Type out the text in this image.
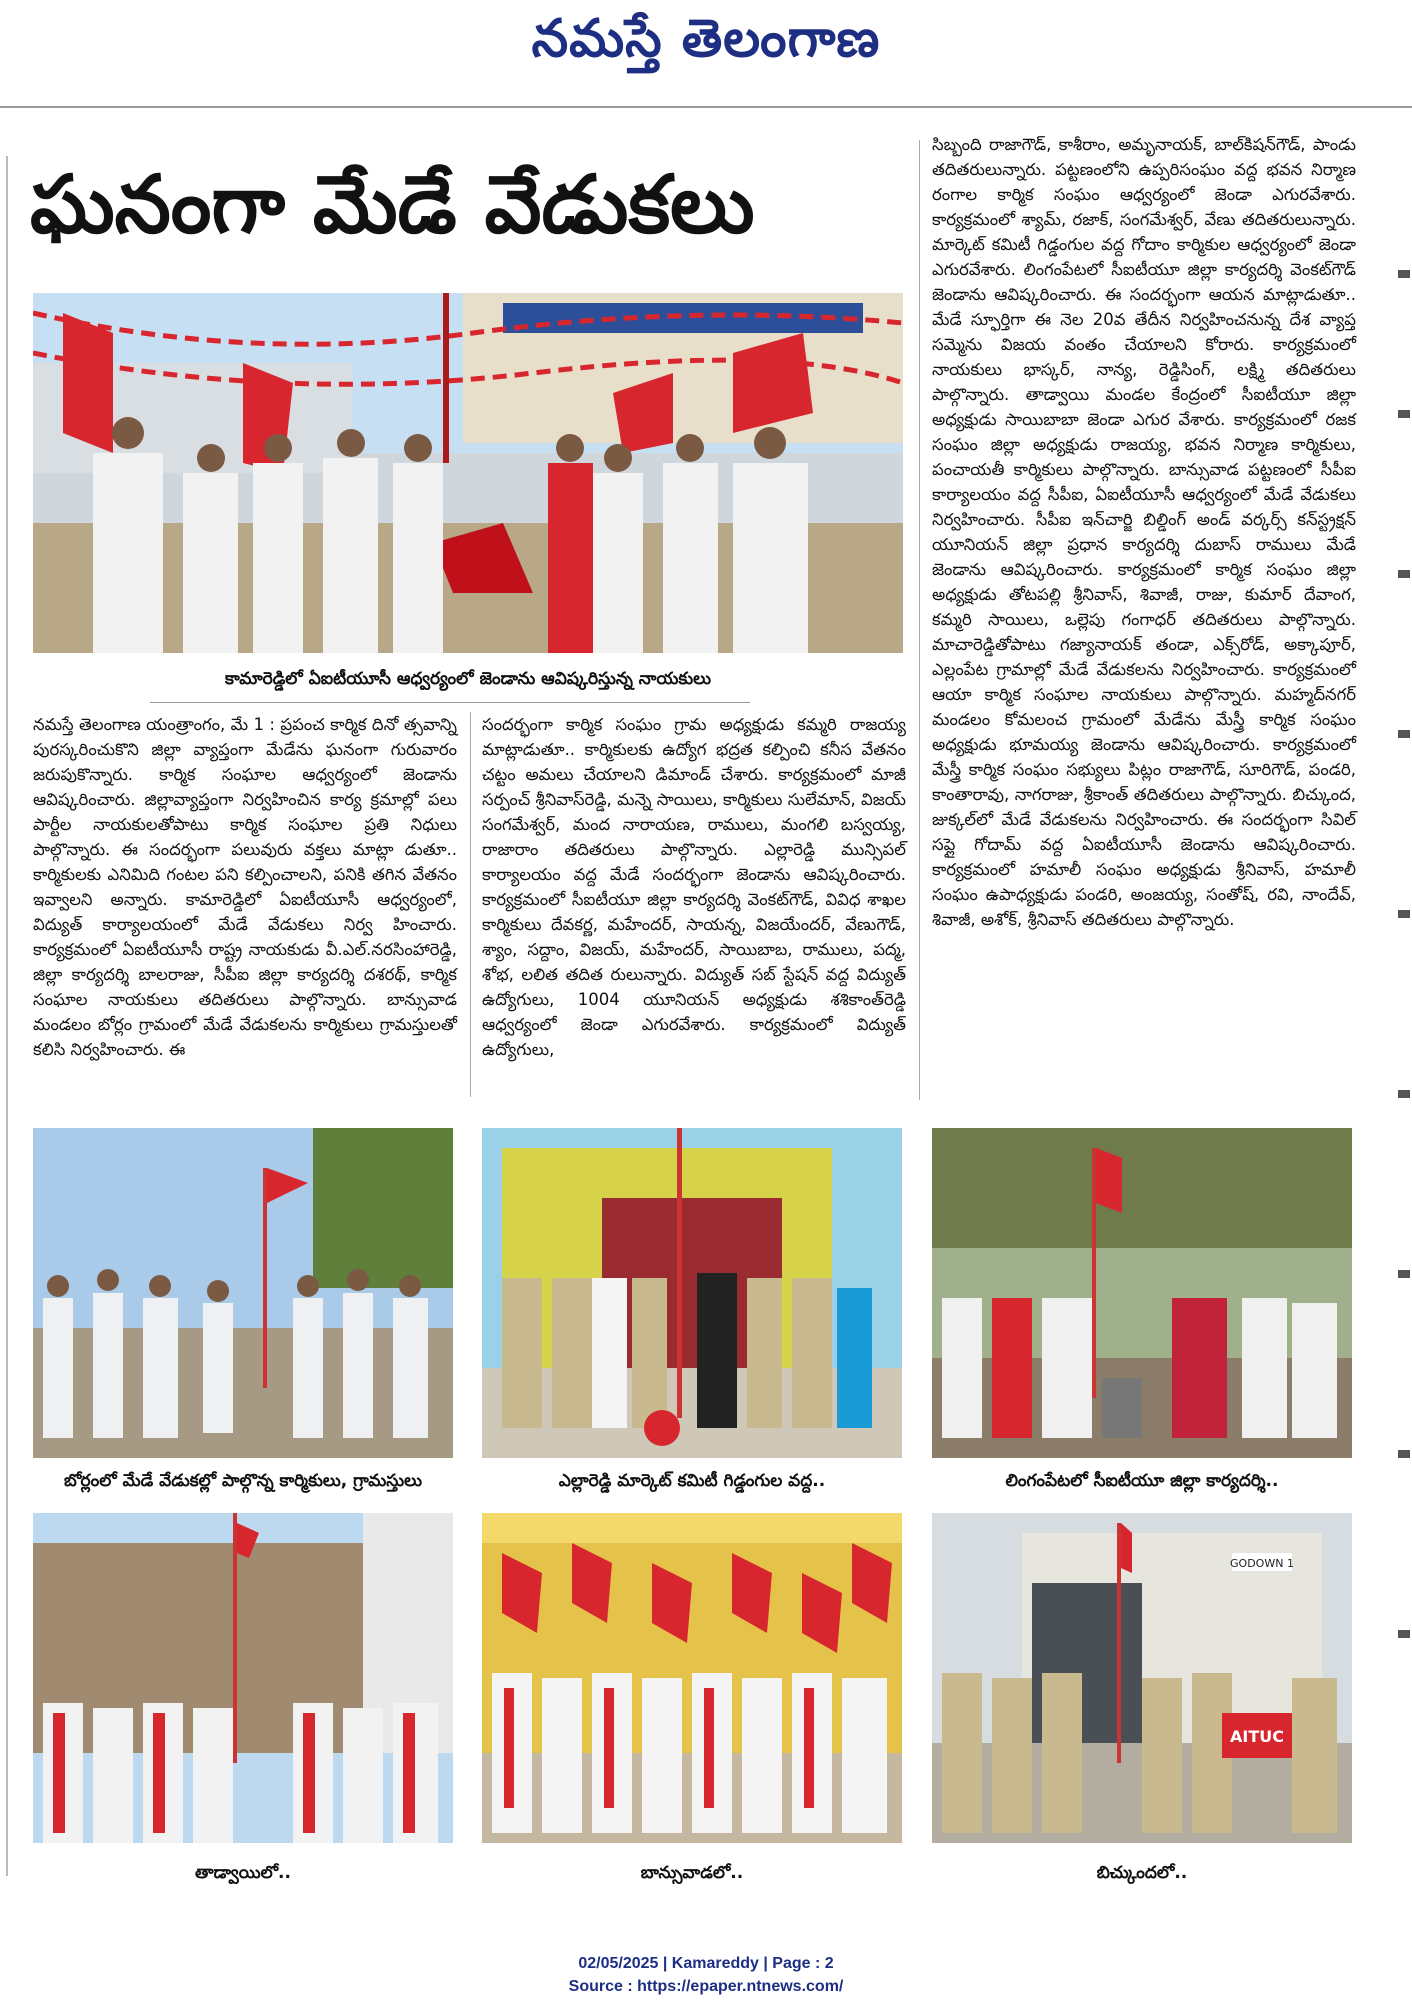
నమస్తే తెలంగాణ
ఘనంగా మేడే వేడుకలు
కామారెడ్డిలో ఏఐటీయూసీ ఆధ్వర్యంలో జెండాను ఆవిష్కరిస్తున్న నాయకులు

నమస్తే తెలంగాణ యంత్రాంగం, మే 1 : ప్రపంచ కార్మిక దినో త్సవాన్ని పురస్కరించుకొని జిల్లా వ్యాప్తంగా మేడేను ఘనంగా గురువారం జరుపుకొన్నారు. కార్మిక సంఘాల ఆధ్వర్యంలో జెండాను ఆవిష్కరించారు. జిల్లావ్యాప్తంగా నిర్వహించిన కార్య క్రమాల్లో పలు పార్టీల నాయకులతోపాటు కార్మిక సంఘాల ప్రతి నిధులు పాల్గొన్నారు. ఈ సందర్భంగా పలువురు వక్తలు మాట్లా డుతూ.. కార్మికులకు ఎనిమిది గంటల పని కల్పించాలని, పనికి తగిన వేతనం ఇవ్వాలని అన్నారు. కామారెడ్డిలో ఏఐటీయూసీ ఆధ్వర్యంలో, విద్యుత్ కార్యాలయంలో మేడే వేడుకలు నిర్వ హించారు. కార్యక్రమంలో ఏఐటీయూసీ రాష్ట్ర నాయకుడు వీ.ఎల్.నరసింహారెడ్డి, జిల్లా కార్యదర్శి బాలరాజు, సీపీఐ జిల్లా కార్యదర్శి దశరథ్, కార్మిక సంఘాల నాయకులు తదితరులు పాల్గొన్నారు. బాన్సువాడ మండలం బోర్లం గ్రామంలో మేడే వేడుకలను కార్మికులు గ్రామస్తులతో కలిసి నిర్వహించారు. ఈ

సందర్భంగా కార్మిక సంఘం గ్రామ అధ్యక్షుడు కమ్మరి రాజయ్య మాట్లాడుతూ.. కార్మికులకు ఉద్యోగ భద్రత కల్పించి కనీస వేతనం చట్టం అమలు చేయాలని డిమాండ్ చేశారు. కార్యక్రమంలో మాజీ సర్పంచ్ శ్రీనివాస్‌రెడ్డి, మన్నె సాయిలు, కార్మికులు సులేమాన్, విజయ్ సంగమేశ్వర్, మంద నారాయణ, రాములు, మంగలి బస్వయ్య, రాజారాం తదితరులు పాల్గొన్నారు. ఎల్లారెడ్డి మున్సిపల్ కార్యాలయం వద్ద మేడే సందర్భంగా జెండాను ఆవిష్కరించారు. కార్యక్రమంలో సీఐటీయూ జిల్లా కార్యదర్శి వెంకట్‌గౌడ్, వివిధ శాఖల కార్మికులు దేవకర్ణ, మహేందర్, సాయన్న, విజయేందర్, వేణుగౌడ్, శ్యాం, సద్దాం, విజయ్, మహేందర్, సాయిబాబ, రాములు, పద్మ, శోభ, లలిత తదిత రులున్నారు. విద్యుత్ సబ్ స్టేషన్ వద్ద విద్యుత్ ఉద్యోగులు, 1004 యూనియన్ అధ్యక్షుడు శశికాంత్‌రెడ్డి ఆధ్వర్యంలో జెండా ఎగురవేశారు. కార్యక్రమంలో విద్యుత్ ఉద్యోగులు,

సిబ్బంది రాజాగౌడ్, కాశీరాం, అమృనాయక్, బాల్‌కిషన్‌గౌడ్, పాండు తదితరులున్నారు. పట్టణంలోని ఉప్పరిసంఘం వద్ద భవన నిర్మాణ రంగాల కార్మిక సంఘం ఆధ్వర్యంలో జెండా ఎగురవేశారు. కార్యక్రమంలో శ్యామ్, రజాక్, సంగమేశ్వర్, వేణు తదితరులున్నారు. మార్కెట్ కమిటీ గిడ్డంగుల వద్ద గోదాం కార్మికుల ఆధ్వర్యంలో జెండా ఎగురవేశారు. లింగంపేటలో సీఐటీయూ జిల్లా కార్యదర్శి వెంకట్‌గౌడ్ జెండాను ఆవిష్కరించారు. ఈ సందర్భంగా ఆయన మాట్లాడుతూ.. మేడే స్ఫూర్తిగా ఈ నెల 20వ తేదీన నిర్వహించనున్న దేశ వ్యాప్త సమ్మెను విజయ వంతం చేయాలని కోరారు. కార్యక్రమంలో నాయకులు భాస్కర్, నాన్య, రెడ్డిసింగ్, లక్ష్మి తదితరులు పాల్గొన్నారు. తాడ్వాయి మండల కేంద్రంలో సీఐటీయూ జిల్లా అధ్యక్షుడు సాయిబాబా జెండా ఎగుర వేశారు. కార్యక్రమంలో రజక సంఘం జిల్లా అధ్యక్షుడు రాజయ్య, భవన నిర్మాణ కార్మికులు, పంచాయతీ కార్మికులు పాల్గొన్నారు. బాన్సువాడ పట్టణంలో సీపీఐ కార్యాలయం వద్ద సీపీఐ, ఏఐటీయూసీ ఆధ్వర్యంలో మేడే వేడుకలు నిర్వహించారు. సీపీఐ ఇన్‌చార్జి బిల్డింగ్ అండ్ వర్కర్స్ కన్‌స్ట్రక్షన్ యూనియన్ జిల్లా ప్రధాన కార్యదర్శి దుబాస్ రాములు మేడే జెండాను ఆవిష్కరించారు. కార్యక్రమంలో కార్మిక సంఘం జిల్లా అధ్యక్షుడు తోటపల్లి శ్రీనివాస్, శివాజీ, రాజు, కుమార్ దేవాంగ, కమ్మరి సాయిలు, ఒల్లెపు గంగాధర్ తదితరులు పాల్గొన్నారు. మాచారెడ్డితోపాటు గజ్యానాయక్ తండా, ఎక్స్‌రోడ్, అక్కాపూర్, ఎల్లంపేట గ్రామాల్లో మేడే వేడుకలను నిర్వహించారు. కార్యక్రమంలో ఆయా కార్మిక సంఘాల నాయకులు పాల్గొన్నారు. మహ్మద్‌నగర్ మండలం కోమలంచ గ్రామంలో మేడేను మేస్త్రీ కార్మిక సంఘం అధ్యక్షుడు భూమయ్య జెండాను ఆవిష్కరించారు. కార్యక్రమంలో మేస్త్రీ కార్మిక సంఘం సభ్యులు పిట్లం రాజాగౌడ్, సూరిగౌడ్, పండరి, కాంతారావు, నాగరాజు, శ్రీకాంత్ తదితరులు పాల్గొన్నారు. బిచ్కుంద, జుక్కల్‌లో మేడే వేడుకలను నిర్వహించారు. ఈ సందర్భంగా సివిల్ సప్లై గోదామ్ వద్ద ఏఐటీయూసీ జెండాను ఆవిష్కరించారు. కార్యక్రమంలో హమాలీ సంఘం అధ్యక్షుడు శ్రీనివాస్, హమాలీ సంఘం ఉపాధ్యక్షుడు పండరి, అంజయ్య, సంతోష్, రవి, నాందేవ్, శివాజీ, అశోక్, శ్రీనివాస్ తదితరులు పాల్గొన్నారు.

బోర్లంలో మేడే వేడుకల్లో పాల్గొన్న కార్మికులు, గ్రామస్తులు	ఎల్లారెడ్డి మార్కెట్ కమిటీ గిడ్డంగుల వద్ద..	లింగంపేటలో సీఐటీయూ జిల్లా కార్యదర్శి..
GODOWN 1
AITUC
తాడ్వాయిలో..	బాన్సువాడలో..	బిచ్కుందలో..
02/05/2025 | Kamareddy | Page : 2
Source : https://epaper.ntnews.com/
